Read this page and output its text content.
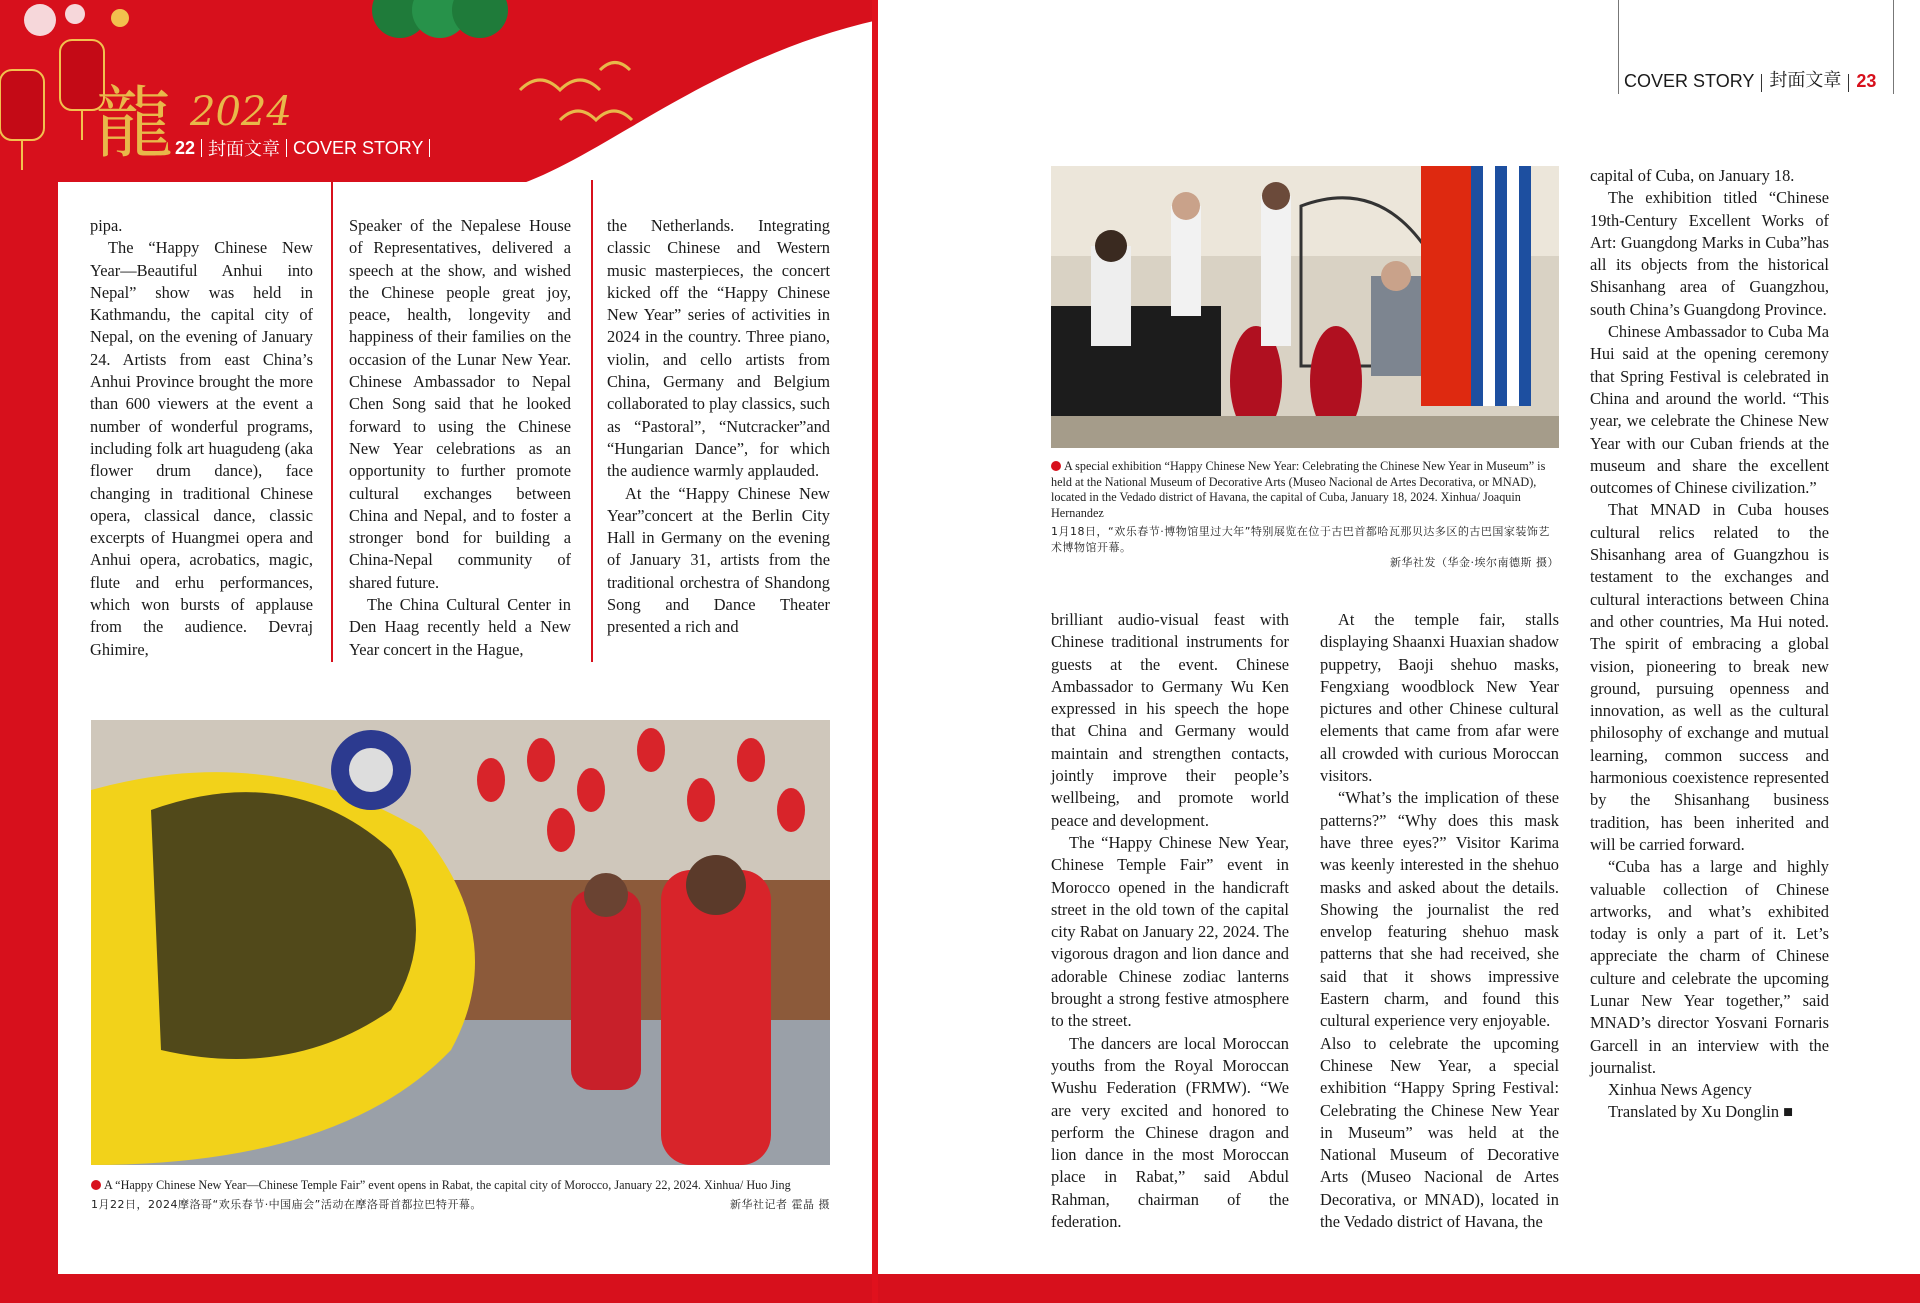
龍 2024
22 封面文章 COVER STORY

pipa.

The “Happy Chinese New Year—Beautiful Anhui into Nepal” show was held in Kathmandu, the capital city of Nepal, on the evening of January 24. Artists from east China’s Anhui Province brought the more than 600 viewers at the event a number of wonderful programs, including folk art huagudeng (aka flower drum dance), face changing in traditional Chinese opera, classical dance, classic excerpts of Huangmei opera and Anhui opera, acrobatics, magic, flute and erhu performances, which won bursts of applause from the audience. Devraj Ghimire,

Speaker of the Nepalese House of Representatives, delivered a speech at the show, and wished the Chinese people great joy, peace, health, longevity and happiness of their families on the occasion of the Lunar New Year. Chinese Ambassador to Nepal Chen Song said that he looked forward to using the Chinese New Year celebrations as an opportunity to further promote cultural exchanges between China and Nepal, and to foster a stronger bond for building a China-Nepal community of shared future.

The China Cultural Center in Den Haag recently held a New Year concert in the Hague,

the Netherlands. Integrating classic Chinese and Western music masterpieces, the concert kicked off the “Happy Chinese New Year” series of activities in 2024 in the country. Three piano, violin, and cello artists from China, Germany and Belgium collaborated to play classics, such as “Pastoral”, “Nutcracker”and “Hungarian Dance”, for which the audience warmly applauded.

At the “Happy Chinese New Year”concert at the Berlin City Hall in Germany on the evening of January 31, artists from the traditional orchestra of Shandong Song and Dance Theater presented a rich and

A “Happy Chinese New Year—Chinese Temple Fair” event opens in Rabat, the capital city of Morocco, January 22, 2024. Xinhua/ Huo Jing
1月22日，2024摩洛哥“欢乐春节·中国庙会”活动在摩洛哥首都拉巴特开幕。	新华社记者 霍晶 摄
COVER STORY 封面文章 23
A special exhibition “Happy Chinese New Year: Celebrating the Chinese New Year in Museum” is held at the National Museum of Decorative Arts (Museo Nacional de Artes Decorativa, or MNAD), located in the Vedado district of Havana, the capital of Cuba, January 18, 2024. Xinhua/ Joaquin Hernandez
1月18日，“欢乐春节·博物馆里过大年”特别展览在位于古巴首都哈瓦那贝达多区的古巴国家装饰艺术博物馆开幕。
新华社发（华金·埃尔南德斯 摄）

brilliant audio-visual feast with Chinese traditional instruments for guests at the event. Chinese Ambassador to Germany Wu Ken expressed in his speech the hope that China and Germany would maintain and strengthen contacts, jointly improve their people’s wellbeing, and promote world peace and development.

The “Happy Chinese New Year, Chinese Temple Fair” event in Morocco opened in the handicraft street in the old town of the capital city Rabat on January 22, 2024. The vigorous dragon and lion dance and adorable Chinese zodiac lanterns brought a strong festive atmosphere to the street.

The dancers are local Moroccan youths from the Royal Moroccan Wushu Federation (FRMW). “We are very excited and honored to perform the Chinese dragon and lion dance in the most Moroccan place in Rabat,” said Abdul Rahman, chairman of the federation.

At the temple fair, stalls displaying Shaanxi Huaxian shadow puppetry, Baoji shehuo masks, Fengxiang woodblock New Year pictures and other Chinese cultural elements that came from afar were all crowded with curious Moroccan visitors.

“What’s the implication of these patterns?” “Why does this mask have three eyes?” Visitor Karima was keenly interested in the shehuo masks and asked about the details. Showing the journalist the red envelop featuring shehuo mask patterns that she had received, she said that it shows impressive Eastern charm, and found this cultural experience very enjoyable.

Also to celebrate the upcoming Chinese New Year, a special exhibition “Happy Spring Festival: Celebrating the Chinese New Year in Museum” was held at the National Museum of Decorative Arts (Museo Nacional de Artes Decorativa, or MNAD), located in the Vedado district of Havana, the

capital of Cuba, on January 18.

The exhibition titled “Chinese 19th-Century Excellent Works of Art: Guangdong Marks in Cuba”has all its objects from the historical Shisanhang area of Guangzhou, south China’s Guangdong Province.

Chinese Ambassador to Cuba Ma Hui said at the opening ceremony that Spring Festival is celebrated in China and around the world. “This year, we celebrate the Chinese New Year with our Cuban friends at the museum and share the excellent outcomes of Chinese civilization.”

That MNAD in Cuba houses cultural relics related to the Shisanhang area of Guangzhou is testament to the exchanges and cultural interactions between China and other countries, Ma Hui noted. The spirit of embracing a global vision, pioneering to break new ground, pursuing openness and innovation, as well as the cultural philosophy of exchange and mutual learning, common success and harmonious coexistence represented by the Shisanhang business tradition, has been inherited and will be carried forward.

“Cuba has a large and highly valuable collection of Chinese artworks, and what’s exhibited today is only a part of it. Let’s appreciate the charm of Chinese culture and celebrate the upcoming Lunar New Year together,” said MNAD’s director Yosvani Fornaris Garcell in an interview with the journalist.

Xinhua News Agency

Translated by Xu Donglin ■
